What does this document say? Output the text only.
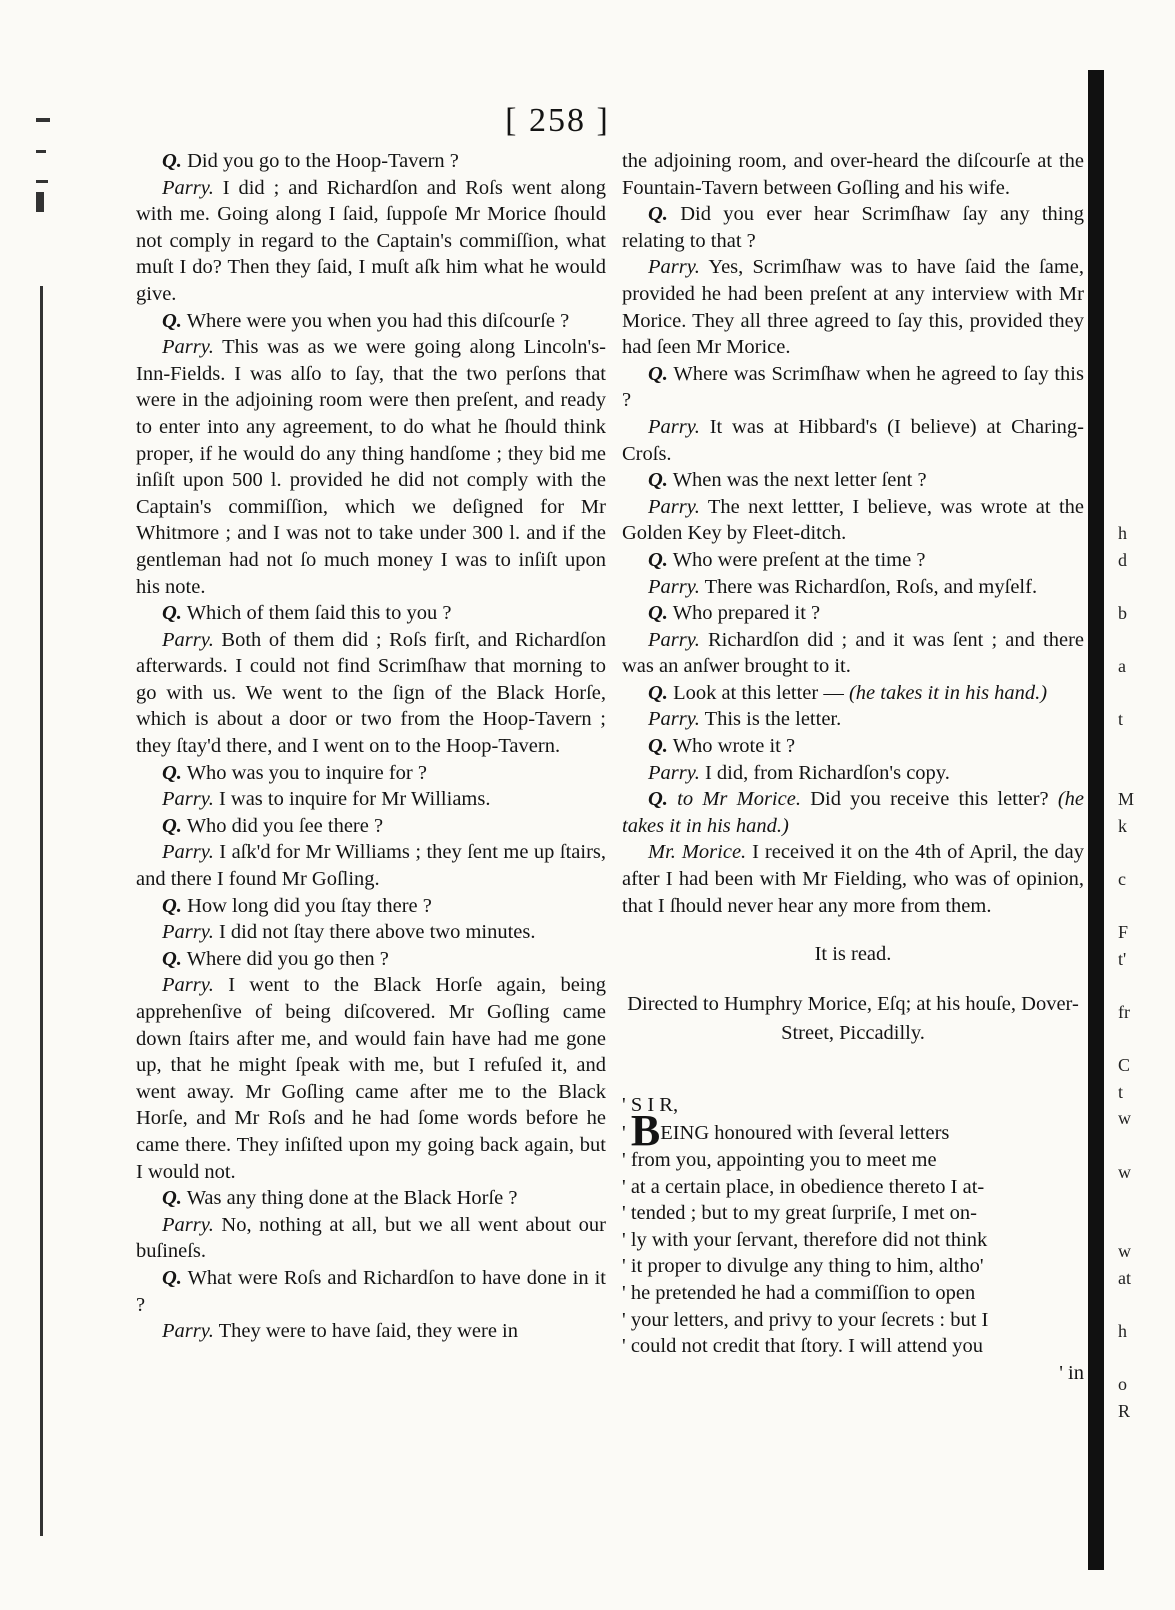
[ 258 ]

Q. Did you go to the Hoop-Tavern ?

Parry. I did ; and Richardſon and Roſs went along with me. Going along I ſaid, ſuppoſe Mr Morice ſhould not comply in regard to the Captain's commiſſion, what muſt I do? Then they ſaid, I muſt aſk him what he would give.

Q. Where were you when you had this diſcourſe ?

Parry. This was as we were going along Lincoln's-Inn-Fields. I was alſo to ſay, that the two perſons that were in the adjoining room were then preſent, and ready to enter into any agreement, to do what he ſhould think proper, if he would do any thing handſome ; they bid me inſiſt upon 500 l. provided he did not comply with the Captain's commiſſion, which we deſigned for Mr Whitmore ; and I was not to take under 300 l. and if the gentleman had not ſo much money I was to inſiſt upon his note.

Q. Which of them ſaid this to you ?

Parry. Both of them did ; Roſs firſt, and Richardſon afterwards. I could not find Scrimſhaw that morning to go with us. We went to the ſign of the Black Horſe, which is about a door or two from the Hoop-Tavern ; they ſtay'd there, and I went on to the Hoop-Tavern.

Q. Who was you to inquire for ?

Parry. I was to inquire for Mr Williams.

Q. Who did you ſee there ?

Parry. I aſk'd for Mr Williams ; they ſent me up ſtairs, and there I found Mr Goſling.

Q. How long did you ſtay there ?

Parry. I did not ſtay there above two minutes.

Q. Where did you go then ?

Parry. I went to the Black Horſe again, being apprehenſive of being diſcovered. Mr Goſling came down ſtairs after me, and would fain have had me gone up, that he might ſpeak with me, but I refuſed it, and went away. Mr Goſling came after me to the Black Horſe, and Mr Roſs and he had ſome words before he came there. They inſiſted upon my going back again, but I would not.

Q. Was any thing done at the Black Horſe ?

Parry. No, nothing at all, but we all went about our buſineſs.

Q. What were Roſs and Richardſon to have done in it ?

Parry. They were to have ſaid, they were in

the adjoining room, and over-heard the diſcourſe at the Fountain-Tavern between Goſling and his wife.

Q. Did you ever hear Scrimſhaw ſay any thing relating to that ?

Parry. Yes, Scrimſhaw was to have ſaid the ſame, provided he had been preſent at any interview with Mr Morice. They all three agreed to ſay this, provided they had ſeen Mr Morice.

Q. Where was Scrimſhaw when he agreed to ſay this ?

Parry. It was at Hibbard's (I believe) at Charing-Croſs.

Q. When was the next letter ſent ?

Parry. The next lettter, I believe, was wrote at the Golden Key by Fleet-ditch.

Q. Who were preſent at the time ?

Parry. There was Richardſon, Roſs, and myſelf.

Q. Who prepared it ?

Parry. Richardſon did ; and it was ſent ; and there was an anſwer brought to it.

Q. Look at this letter — (he takes it in his hand.)

Parry. This is the letter.

Q. Who wrote it ?

Parry. I did, from Richardſon's copy.

Q. to Mr Morice. Did you receive this letter? (he takes it in his hand.)

Mr. Morice. I received it on the 4th of April, the day after I had been with Mr Fielding, who was of opinion, that I ſhould never hear any more from them.

It is read.

Directed to Humphry Morice, Eſq; at his houſe, Dover-Street, Piccadilly.

' S I R,

' BEING honoured with ſeveral letters

' from you, appointing you to meet me

' at a certain place, in obedience thereto I at-

' tended ; but to my great ſurpriſe, I met on-

' ly with your ſervant, therefore did not think

' it proper to divulge any thing to him, altho'

' he pretended he had a commiſſion to open

' your letters, and privy to your ſecrets : but I

' could not credit that ſtory. I will attend you

' in

h
d
b
a
t
M
k
c
F
t'
fr
C
t
w
w
w
at
h
o
R
